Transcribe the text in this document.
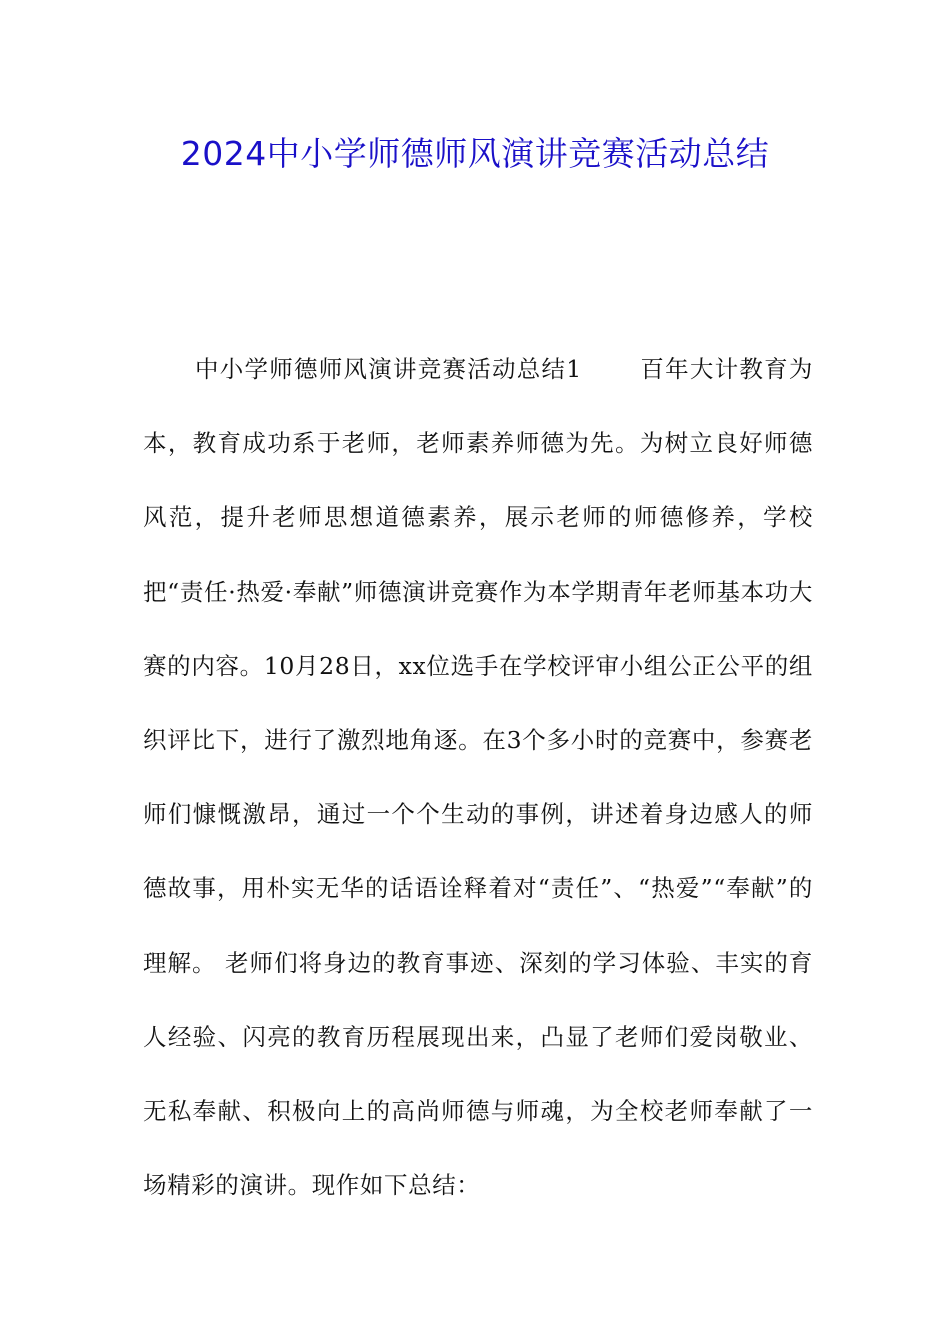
2024中小学师德师风演讲竞赛活动总结

中小学师德师风演讲竞赛活动总结1 百年大计教育为本，教育成功系于老师，老师素养师德为先。为树立良好师德风范，提升老师思想道德素养，展示老师的师德修养，学校把“责任·热爱·奉献”师德演讲竞赛作为本学期青年老师基本功大赛的内容。10月28日，xx位选手在学校评审小组公正公平的组织评比下，进行了激烈地角逐。在3个多小时的竞赛中，参赛老师们慷慨激昂，通过一个个生动的事例，讲述着身边感人的师德故事，用朴实无华的话语诠释着对“责任”、“热爱”“奉献”的理解。 老师们将身边的教育事迹、深刻的学习体验、丰实的育人经验、闪亮的教育历程展现出来，凸显了老师们爱岗敬业、无私奉献、积极向上的高尚师德与师魂，为全校老师奉献了一场精彩的演讲。现作如下总结：
